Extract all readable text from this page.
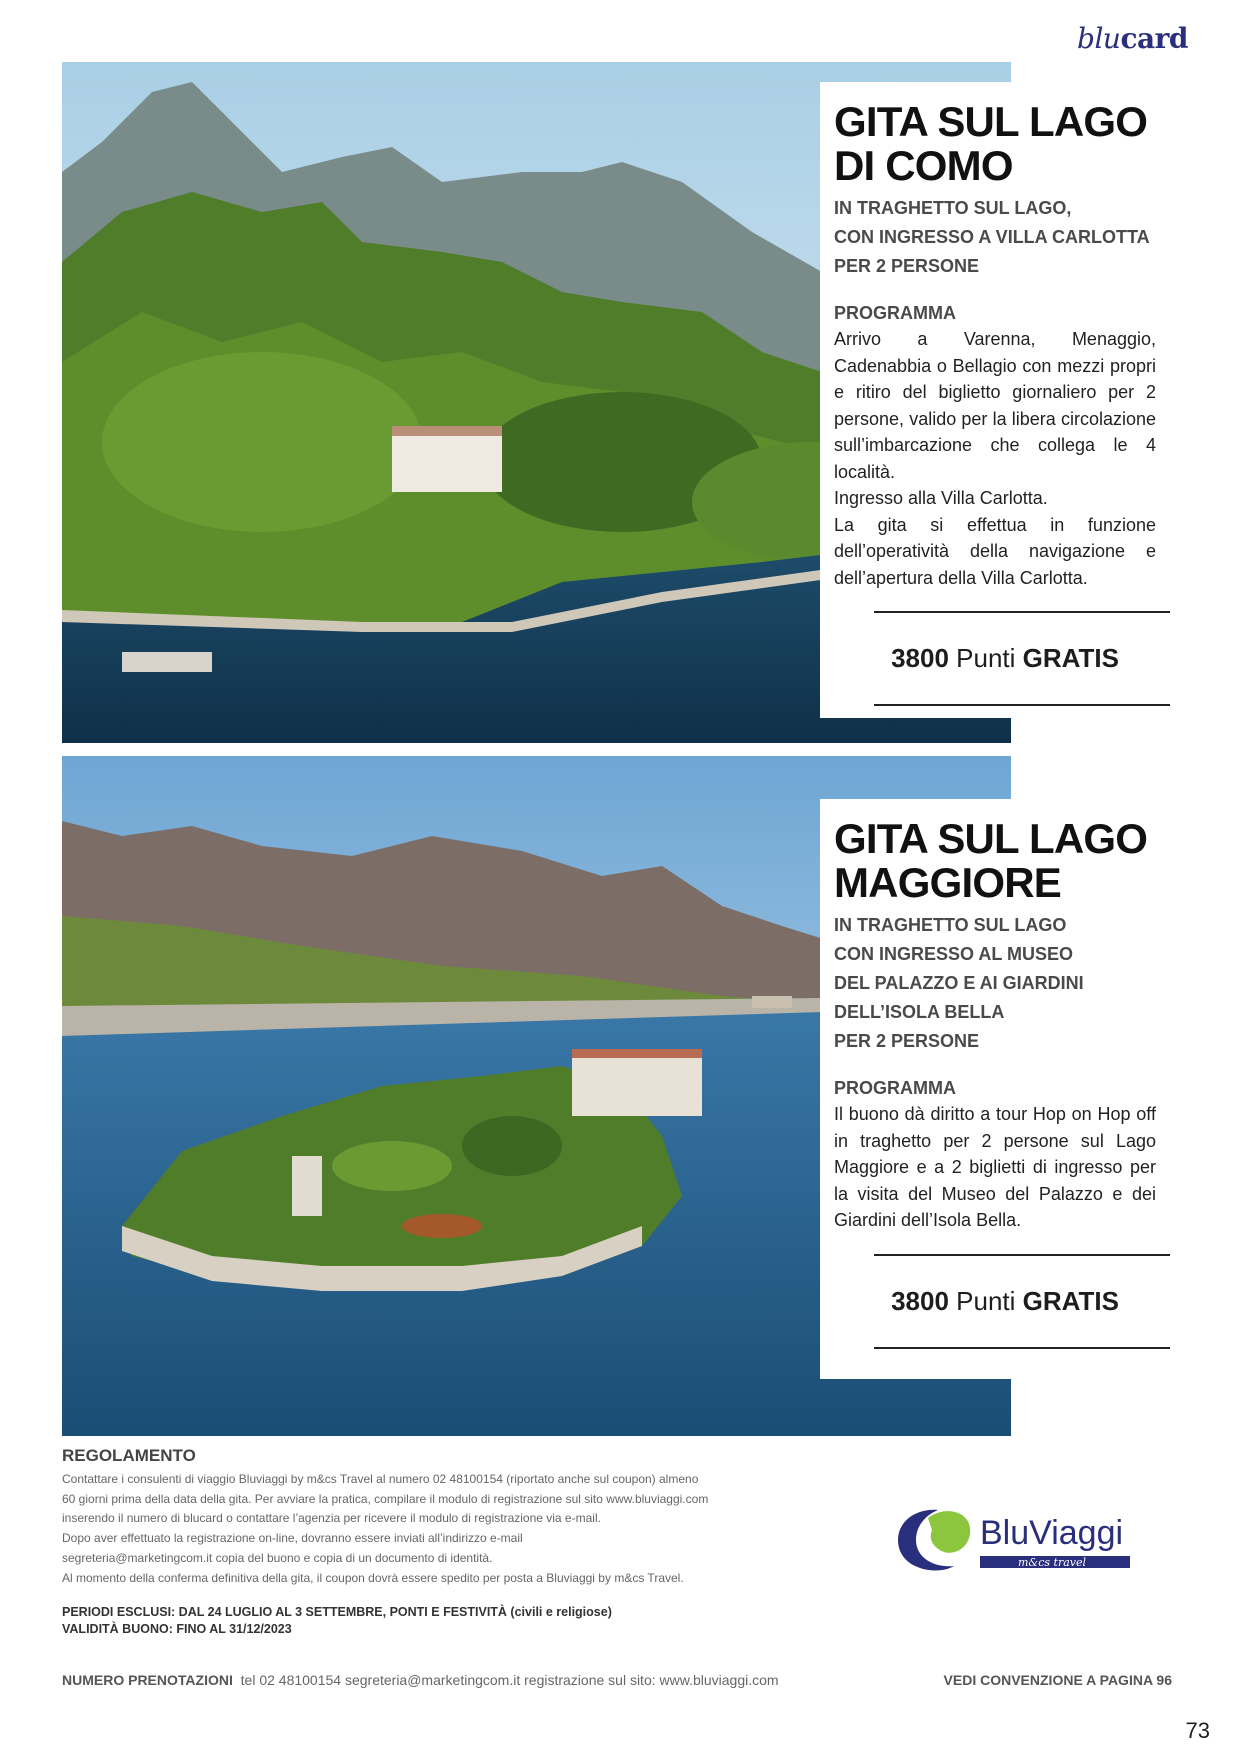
blucard
GITA SUL LAGO
DI COMO

IN TRAGHETTO SUL LAGO,
CON INGRESSO A VILLA CARLOTTA
PER 2 PERSONE

PROGRAMMA

Arrivo a Varenna, Menaggio, Cadenabbia o Bellagio con mezzi propri e ritiro del biglietto giornaliero per 2 persone, valido per la libera circolazione sull’imbarcazione che collega le 4 località.

Ingresso alla Villa Carlotta.

La gita si effettua in funzione dell’operatività della navigazione e dell’apertura della Villa Carlotta.

3800 Punti GRATIS
GITA SUL LAGO
MAGGIORE

IN TRAGHETTO SUL LAGO
CON INGRESSO AL MUSEO
DEL PALAZZO E AI GIARDINI
DELL’ISOLA BELLA
PER 2 PERSONE

PROGRAMMA

Il buono dà diritto a tour Hop on Hop off in traghetto per 2 persone sul Lago Maggiore e a 2 biglietti di ingresso per la visita del Museo del Palazzo e dei Giardini dell’Isola Bella.

3800 Punti GRATIS
REGOLAMENTO
Contattare i consulenti di viaggio Bluviaggi by m&cs Travel al numero 02 48100154 (riportato anche sul coupon) almeno
60 giorni prima della data della gita. Per avviare la pratica, compilare il modulo di registrazione sul sito www.bluviaggi.com
inserendo il numero di blucard o contattare l’agenzia per ricevere il modulo di registrazione via e-mail.
Dopo aver effettuato la registrazione on-line, dovranno essere inviati all’indirizzo e-mail
segreteria@marketingcom.it copia del buono e copia di un documento di identità.
Al momento della conferma definitiva della gita, il coupon dovrà essere spedito per posta a Bluviaggi by m&cs Travel.
PERIODI ESCLUSI: DAL 24 LUGLIO AL 3 SETTEMBRE, PONTI E FESTIVITÀ (civili e religiose)
VALIDITÀ BUONO: FINO AL 31/12/2023
BluViaggi
m&cs travel
NUMERO PRENOTAZIONI tel 02 48100154 segreteria@marketingcom.it registrazione sul sito: www.bluviaggi.com	VEDI CONVENZIONE A PAGINA 96
73
